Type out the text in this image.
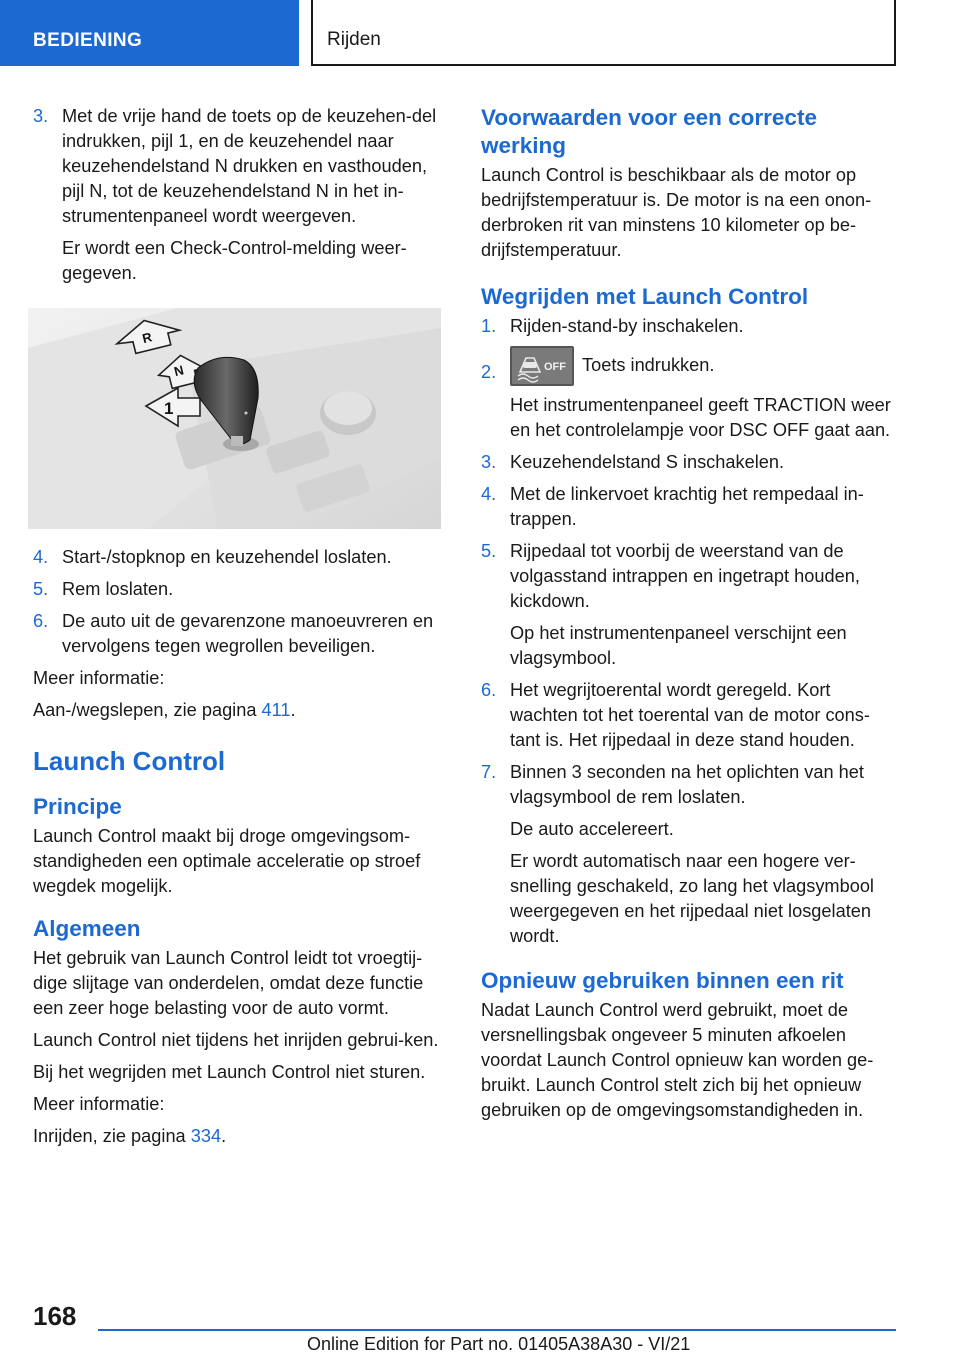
BEDIENING	Rijden
3. Met de vrije hand de toets op de keuzehen-del indrukken, pijl 1, en de keuzehendel naar keuzehendelstand N drukken en vasthouden, pijl N, tot de keuzehendelstand N in het in-strumentenpaneel wordt weergeven.

Er wordt een Check-Control-melding weer-gegeven.

R
N
1
4. Start-/stopknop en keuzehendel loslaten.

5. Rem loslaten.

6. De auto uit de gevarenzone manoeuvreren en vervolgens tegen wegrollen beveiligen.

Meer informatie:

Aan-/wegslepen, zie pagina 411.

Launch Control
Principe

Launch Control maakt bij droge omgevingsom-standigheden een optimale acceleratie op stroef wegdek mogelijk.

Algemeen

Het gebruik van Launch Control leidt tot vroegtij-dige slijtage van onderdelen, omdat deze functie een zeer hoge belasting voor de auto vormt.

Launch Control niet tijdens het inrijden gebrui-ken.

Bij het wegrijden met Launch Control niet sturen.

Meer informatie:

Inrijden, zie pagina 334.

Voorwaarden voor een correcte werking

Launch Control is beschikbaar als de motor op bedrijfstemperatuur is. De motor is na een onon-derbroken rit van minstens 10 kilometer op be-drijfstemperatuur.

Wegrijden met Launch Control
1. Rijden-stand-by inschakelen.

2.	OFF Toets indrukken.

Het instrumentenpaneel geeft TRACTION weer en het controlelampje voor DSC OFF gaat aan.

3. Keuzehendelstand S inschakelen.

4. Met de linkervoet krachtig het rempedaal in-trappen.

5. Rijpedaal tot voorbij de weerstand van de volgasstand intrappen en ingetrapt houden, kickdown.

Op het instrumentenpaneel verschijnt een vlagsymbool.

6. Het wegrijtoerental wordt geregeld. Kort wachten tot het toerental van de motor cons-tant is. Het rijpedaal in deze stand houden.

7. Binnen 3 seconden na het oplichten van het vlagsymbool de rem loslaten.

De auto accelereert.

Er wordt automatisch naar een hogere ver-snelling geschakeld, zo lang het vlagsymbool weergegeven en het rijpedaal niet losgelaten wordt.

Opnieuw gebruiken binnen een rit

Nadat Launch Control werd gebruikt, moet de versnellingsbak ongeveer 5 minuten afkoelen voordat Launch Control opnieuw kan worden ge-bruikt. Launch Control stelt zich bij het opnieuw gebruiken op de omgevingsomstandigheden in.

168
Online Edition for Part no. 01405A38A30 - VI/21
